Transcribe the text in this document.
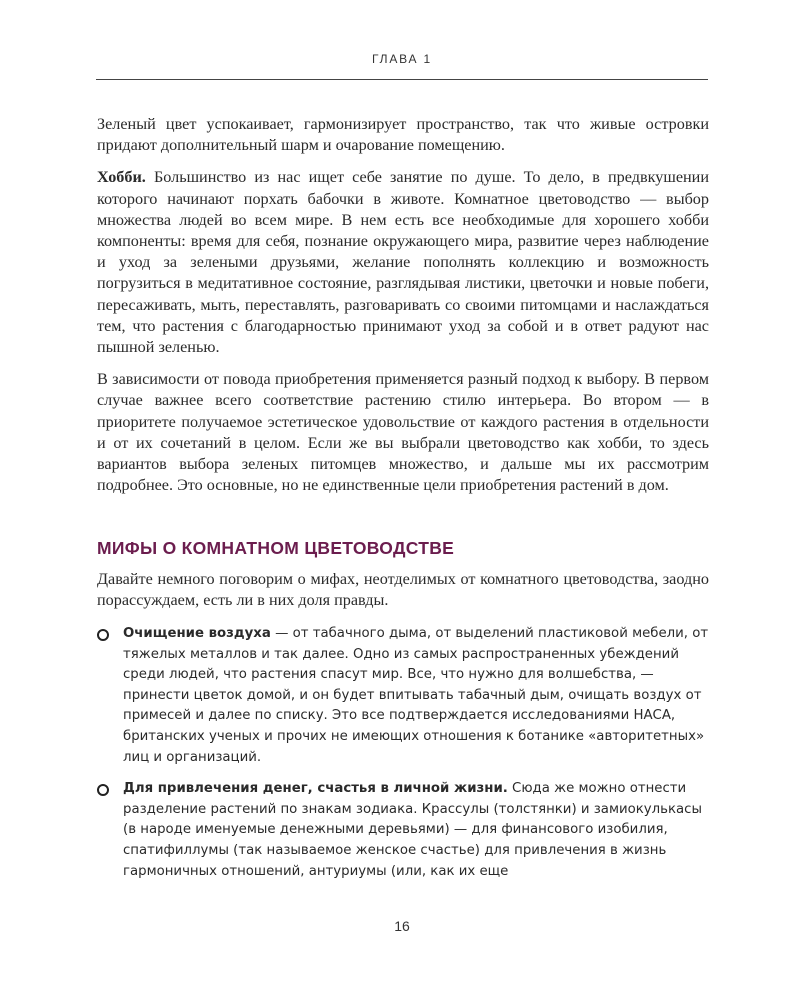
ГЛАВА 1

Зеленый цвет успокаивает, гармонизирует пространство, так что живые островки придают дополнительный шарм и очарование помещению.

Хобби. Большинство из нас ищет себе занятие по душе. То дело, в предвкушении которого начинают порхать бабочки в животе. Комнатное цветоводство — выбор множества людей во всем мире. В нем есть все необходимые для хорошего хобби компоненты: время для себя, познание окружающего мира, развитие через наблюдение и уход за зелеными друзьями, желание пополнять коллекцию и возможность погрузиться в медитативное состояние, разглядывая листики, цветочки и новые побеги, пересаживать, мыть, переставлять, разговаривать со своими питомцами и наслаждаться тем, что растения с благодарностью принимают уход за собой и в ответ радуют нас пышной зеленью.

В зависимости от повода приобретения применяется разный подход к выбору. В первом случае важнее всего соответствие растению стилю интерьера. Во втором — в приоритете получаемое эстетическое удовольствие от каждого растения в отдельности и от их сочетаний в целом. Если же вы выбрали цветоводство как хобби, то здесь вариантов выбора зеленых питомцев множество, и дальше мы их рассмотрим подробнее. Это основные, но не единственные цели приобретения растений в дом.

МИФЫ О КОМНАТНОМ ЦВЕТОВОДСТВЕ
Давайте немного поговорим о мифах, неотделимых от комнатного цветоводства, заодно порассуждаем, есть ли в них доля правды.
Очищение воздуха — от табачного дыма, от выделений пластиковой мебели, от тяжелых металлов и так далее. Одно из самых распространенных убеждений среди людей, что растения спасут мир. Все, что нужно для волшебства, — принести цветок домой, и он будет впитывать табачный дым, очищать воздух от примесей и далее по списку. Это все подтверждается исследованиями НАСА, британских ученых и прочих не имеющих отношения к ботанике «авторитетных» лиц и организаций.
Для привлечения денег, счастья в личной жизни. Сюда же можно отнести разделение растений по знакам зодиака. Крассулы (толстянки) и замиокулькасы (в народе именуемые денежными деревьями) — для финансового изобилия, спатифиллумы (так называемое женское счастье) для привлечения в жизнь гармоничных отношений, антуриумы (или, как их еще
16
